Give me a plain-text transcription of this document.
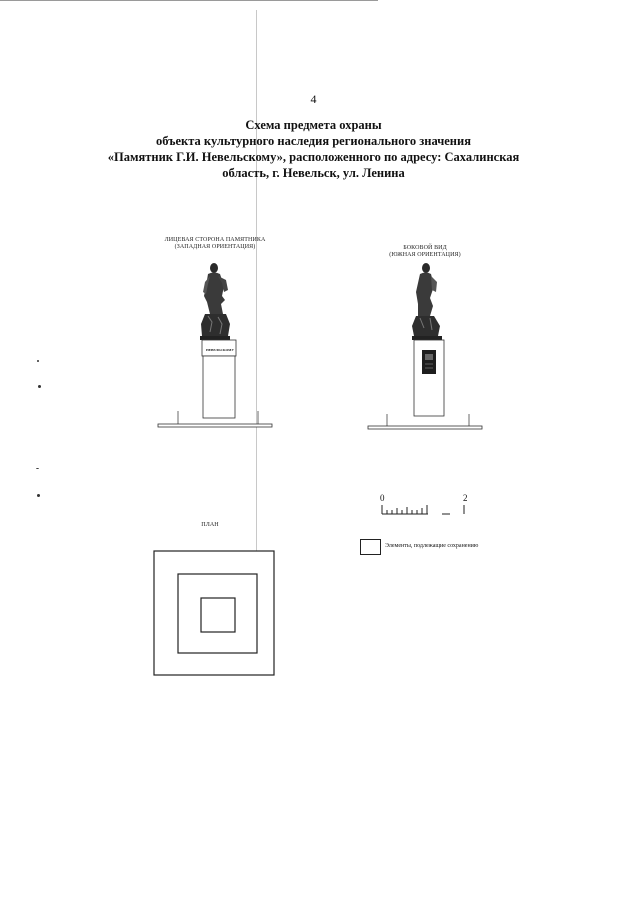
4
Схема предмета охраны
объекта культурного наследия регионального значения
«Памятник Г.И. Невельскому», расположенного по адресу: Сахалинская
область, г. Невельск, ул. Ленина
ЛИЦЕВАЯ СТОРОНА ПАМЯТНИКА
(ЗАПАДНАЯ ОРИЕНТАЦИЯ)
НЕВЕЛЬСКОМУ
БОКОВОЙ ВИД
(ЮЖНАЯ ОРИЕНТАЦИЯ)
0	2
Элементы, подлежащие сохранению
ПЛАН
